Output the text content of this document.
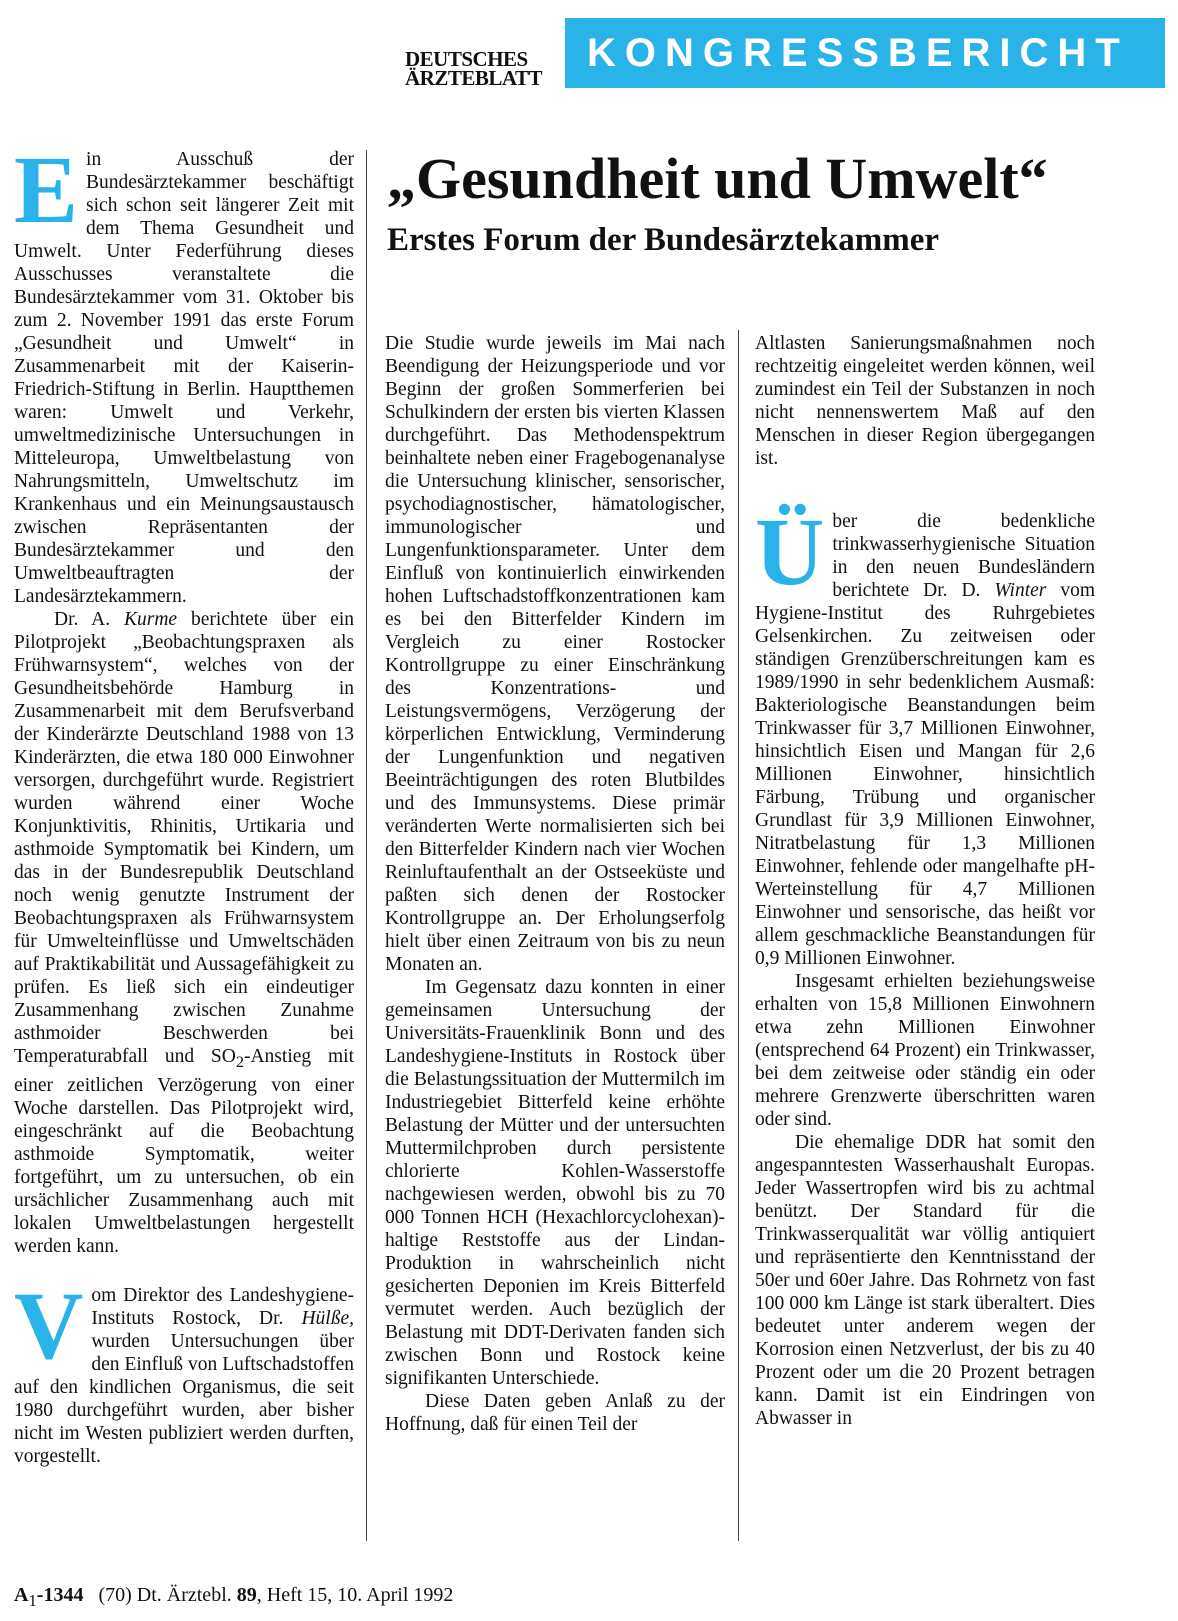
DEUTSCHES
ÄRZTEBLATT
KONGRESSBERICHT
„Gesundheit und Umwelt“
Erstes Forum der Bundesärztekammer

Ein Ausschuß der Bundesärztekammer beschäftigt sich schon seit längerer Zeit mit dem Thema Gesundheit und Umwelt. Unter Federführung dieses Ausschusses veranstaltete die Bundesärztekammer vom 31. Oktober bis zum 2. November 1991 das erste Forum „Gesundheit und Umwelt“ in Zusammenarbeit mit der Kaiserin-Friedrich-Stiftung in Berlin. Hauptthemen waren: Umwelt und Verkehr, umweltmedizinische Untersuchungen in Mitteleuropa, Umweltbelastung von Nahrungsmitteln, Umweltschutz im Krankenhaus und ein Meinungsaustausch zwischen Repräsentanten der Bundesärztekammer und den Umweltbeauftragten der Landesärztekammern.

Dr. A. Kurme berichtete über ein Pilotprojekt „Beobachtungspraxen als Frühwarnsystem“, welches von der Gesundheitsbehörde Hamburg in Zusammenarbeit mit dem Berufsverband der Kinderärzte Deutschland 1988 von 13 Kinderärzten, die etwa 180 000 Einwohner versorgen, durchgeführt wurde. Registriert wurden während einer Woche Konjunktivitis, Rhinitis, Urtikaria und asthmoide Symptomatik bei Kindern, um das in der Bundesrepublik Deutschland noch wenig genutzte Instrument der Beobachtungspraxen als Frühwarnsystem für Umwelteinflüsse und Umweltschäden auf Praktikabilität und Aussagefähigkeit zu prüfen. Es ließ sich ein eindeutiger Zusammenhang zwischen Zunahme asthmoider Beschwerden bei Temperaturabfall und $SO_2$-Anstieg mit einer zeitlichen Verzögerung von einer Woche darstellen. Das Pilotprojekt wird, eingeschränkt auf die Beobachtung asthmoide Symptomatik, weiter fortgeführt, um zu untersuchen, ob ein ursächlicher Zusammenhang auch mit lokalen Umweltbelastungen hergestellt werden kann.

Vom Direktor des Landeshygiene-Instituts Rostock, Dr. Hülße, wurden Untersuchungen über den Einfluß von Luftschadstoffen auf den kindlichen Organismus, die seit 1980 durchgeführt wurden, aber bisher nicht im Westen publiziert werden durften, vorgestellt.

Die Studie wurde jeweils im Mai nach Beendigung der Heizungsperiode und vor Beginn der großen Sommerferien bei Schulkindern der ersten bis vierten Klassen durchgeführt. Das Methodenspektrum beinhaltete neben einer Fragebogenanalyse die Untersuchung klinischer, sensorischer, psychodiagnostischer, hämatologischer, immunologischer und Lungenfunktionsparameter. Unter dem Einfluß von kontinuierlich einwirkenden hohen Luftschadstoffkonzentrationen kam es bei den Bitterfelder Kindern im Vergleich zu einer Rostocker Kontrollgruppe zu einer Einschränkung des Konzentrations- und Leistungsvermögens, Verzögerung der körperlichen Entwicklung, Verminderung der Lungenfunktion und negativen Beeinträchtigungen des roten Blutbildes und des Immunsystems. Diese primär veränderten Werte normalisierten sich bei den Bitterfelder Kindern nach vier Wochen Reinluftaufenthalt an der Ostseeküste und paßten sich denen der Rostocker Kontrollgruppe an. Der Erholungserfolg hielt über einen Zeitraum von bis zu neun Monaten an.

Im Gegensatz dazu konnten in einer gemeinsamen Untersuchung der Universitäts-Frauenklinik Bonn und des Landeshygiene-Instituts in Rostock über die Belastungssituation der Muttermilch im Industriegebiet Bitterfeld keine erhöhte Belastung der Mütter und der untersuchten Muttermilchproben durch persistente chlorierte Kohlen-Wasserstoffe nachgewiesen werden, obwohl bis zu 70 000 Tonnen HCH (Hexachlorcyclohexan)-haltige Reststoffe aus der Lindan-Produktion in wahrscheinlich nicht gesicherten Deponien im Kreis Bitterfeld vermutet werden. Auch bezüglich der Belastung mit DDT-Derivaten fanden sich zwischen Bonn und Rostock keine signifikanten Unterschiede.

Diese Daten geben Anlaß zu der Hoffnung, daß für einen Teil der

Altlasten Sanierungsmaßnahmen noch rechtzeitig eingeleitet werden können, weil zumindest ein Teil der Substanzen in noch nicht nennenswertem Maß auf den Menschen in dieser Region übergegangen ist.

Über die bedenkliche trinkwasserhygienische Situation in den neuen Bundesländern berichtete Dr. D. Winter vom Hygiene-Institut des Ruhrgebietes Gelsenkirchen. Zu zeitweisen oder ständigen Grenzüberschreitungen kam es 1989/1990 in sehr bedenklichem Ausmaß: Bakteriologische Beanstandungen beim Trinkwasser für 3,7 Millionen Einwohner, hinsichtlich Eisen und Mangan für 2,6 Millionen Einwohner, hinsichtlich Färbung, Trübung und organischer Grundlast für 3,9 Millionen Einwohner, Nitratbelastung für 1,3 Millionen Einwohner, fehlende oder mangelhafte pH-Werteinstellung für 4,7 Millionen Einwohner und sensorische, das heißt vor allem geschmackliche Beanstandungen für 0,9 Millionen Einwohner.

Insgesamt erhielten beziehungsweise erhalten von 15,8 Millionen Einwohnern etwa zehn Millionen Einwohner (entsprechend 64 Prozent) ein Trinkwasser, bei dem zeitweise oder ständig ein oder mehrere Grenzwerte überschritten waren oder sind.

Die ehemalige DDR hat somit den angespanntesten Wasserhaushalt Europas. Jeder Wassertropfen wird bis zu achtmal benützt. Der Standard für die Trinkwasserqualität war völlig antiquiert und repräsentierte den Kenntnisstand der 50er und 60er Jahre. Das Rohrnetz von fast 100 000 km Länge ist stark überaltert. Dies bedeutet unter anderem wegen der Korrosion einen Netzverlust, der bis zu 40 Prozent oder um die 20 Prozent betragen kann. Damit ist ein Eindringen von Abwasser in

$A_1-1344$ (70) Dt. Ärztebl. 89, Heft 15, 10. April 1992
